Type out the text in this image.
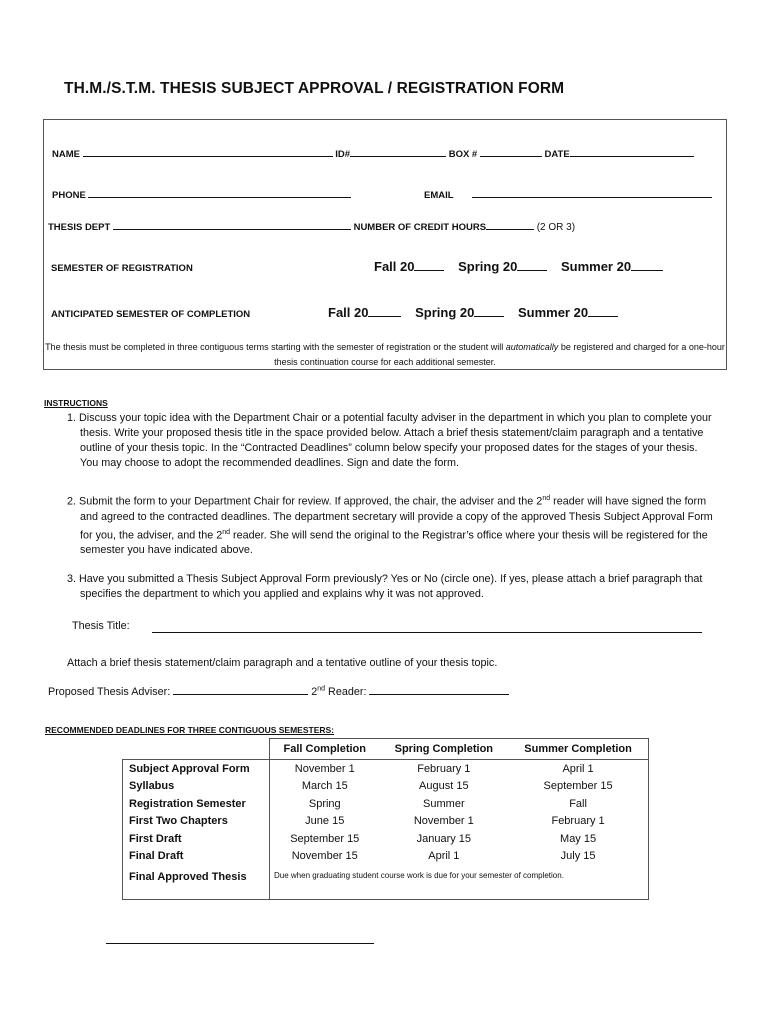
TH.M./S.T.M. THESIS SUBJECT APPROVAL / REGISTRATION FORM
NAME	ID#	BOX #	DATE
PHONE	EMAIL
THESIS DEPT	NUMBER OF CREDIT HOURS	(2 OR 3)
SEMESTER OF REGISTRATION	Fall 20	Spring 20	Summer 20
ANTICIPATED SEMESTER OF COMPLETION	Fall 20	Spring 20	Summer 20
The thesis must be completed in three contiguous terms starting with the semester of registration or the student will automatically be registered and charged for a one-hour thesis continuation course for each additional semester.
INSTRUCTIONS
1. Discuss your topic idea with the Department Chair or a potential faculty adviser in the department in which you plan to complete your thesis. Write your proposed thesis title in the space provided below. Attach a brief thesis statement/claim paragraph and a tentative outline of your thesis topic. In the “Contracted Deadlines” column below specify your proposed dates for the stages of your thesis. You may choose to adopt the recommended deadlines. Sign and date the form.
2. Submit the form to your Department Chair for review. If approved, the chair, the adviser and the 2nd reader will have signed the form and agreed to the contracted deadlines. The department secretary will provide a copy of the approved Thesis Subject Approval Form for you, the adviser, and the 2nd reader. She will send the original to the Registrar’s office where your thesis will be registered for the semester you have indicated above.
3. Have you submitted a Thesis Subject Approval Form previously? Yes or No (circle one). If yes, please attach a brief paragraph that specifies the department to which you applied and explains why it was not approved.
Thesis Title:
Attach a brief thesis statement/claim paragraph and a tentative outline of your thesis topic.
Proposed Thesis Adviser:	2nd Reader:
RECOMMENDED DEADLINES FOR THREE CONTIGUOUS SEMESTERS:
	Fall Completion	Spring Completion	Summer Completion
Subject Approval Form	November 1	February 1	April 1
Syllabus	March 15	August 15	September 15
Registration Semester	Spring	Summer	Fall
First Two Chapters	June 15	November 1	February 1
First Draft	September 15	January 15	May 15
Final Draft	November 15	April 1	July 15
Final Approved Thesis	Due when graduating student course work is due for your semester of completion.		
